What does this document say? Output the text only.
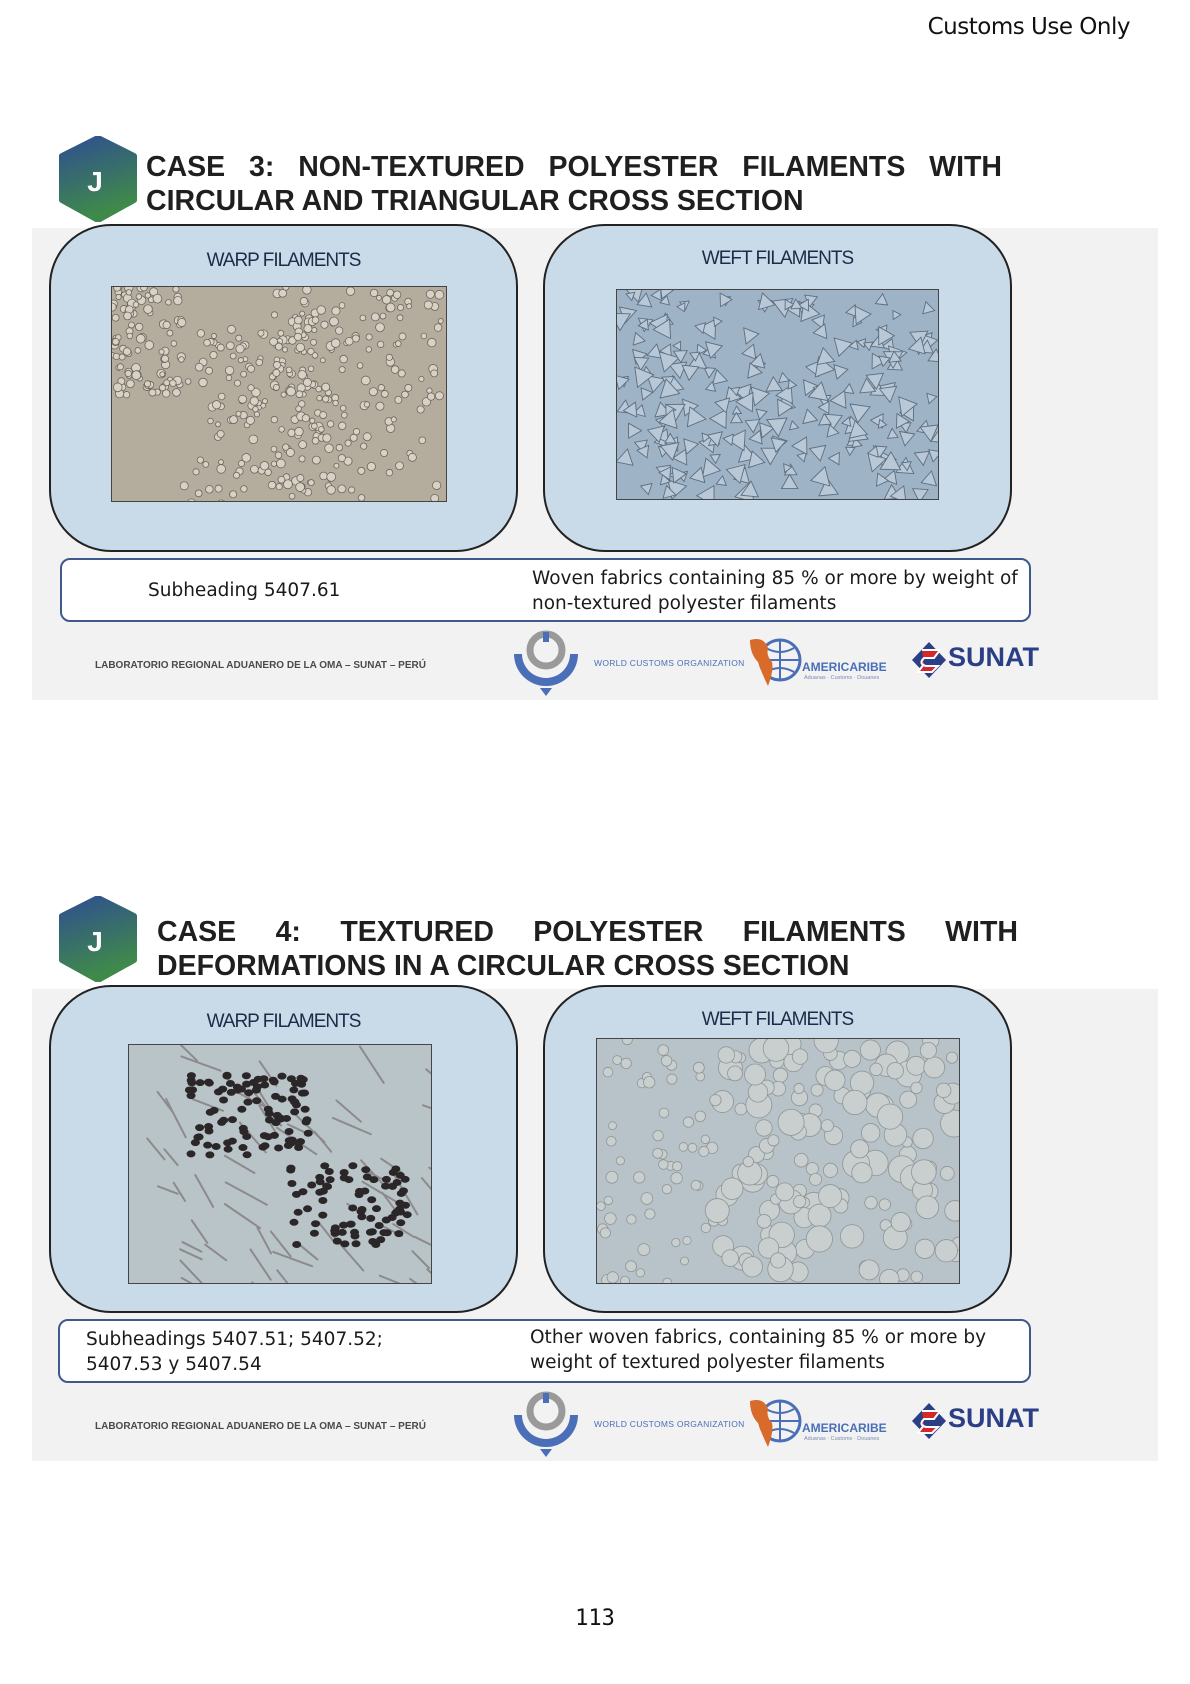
Customs Use Only
J CASE 3: NON-TEXTURED POLYESTER FILAMENTS WITH
CIRCULAR AND TRIANGULAR CROSS SECTION
WARP FILAMENTS	WEFT FILAMENTS
Subheading 5407.61
Woven fabrics containing 85 % or more by weight of non-textured polyester filaments
LABORATORIO REGIONAL ADUANERO DE LA OMA – SUNAT – PERÚ	WORLD CUSTOMS ORGANIZATION	AMERICARIBE
Aduanas · Customs · Douanes
SUNAT
J CASE 4: TEXTURED POLYESTER FILAMENTS WITH
DEFORMATIONS IN A CIRCULAR CROSS SECTION
WARP FILAMENTS	WEFT FILAMENTS
Subheadings 5407.51; 5407.52; 5407.53 y 5407.54
Other woven fabrics, containing 85 % or more by weight of textured polyester filaments
LABORATORIO REGIONAL ADUANERO DE LA OMA – SUNAT – PERÚ	WORLD CUSTOMS ORGANIZATION	AMERICARIBE
Aduanas · Customs · Douanes
SUNAT
113
